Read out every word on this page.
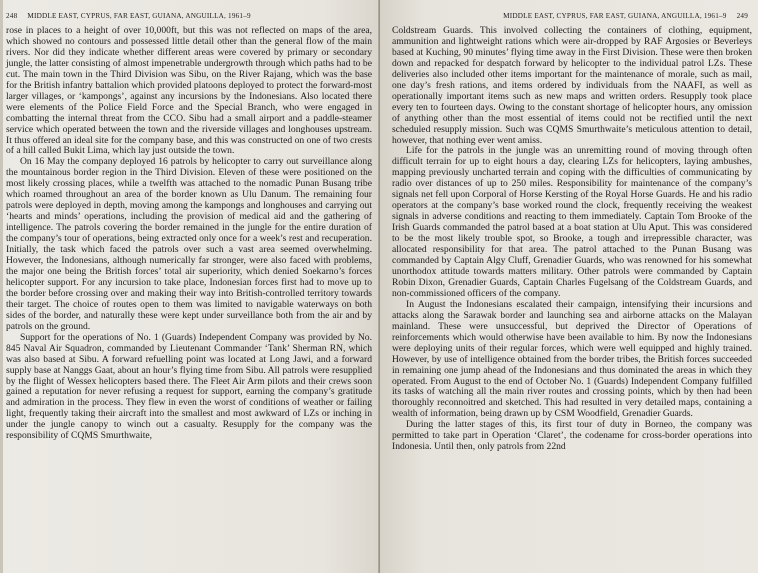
248 MIDDLE EAST, CYPRUS, FAR EAST, GUIANA, ANGUILLA, 1961–9

rose in places to a height of over 10,000ft, but this was not reflected on maps of the area, which showed no contours and possessed little detail other than the general flow of the main rivers. Nor did they indicate whether different areas were covered by primary or secondary jungle, the latter consisting of almost impenetrable undergrowth through which paths had to be cut. The main town in the Third Division was Sibu, on the River Rajang, which was the base for the British infantry battalion which provided platoons deployed to protect the forward-most larger villages, or ‘kampongs’, against any incursions by the Indonesians. Also located there were elements of the Police Field Force and the Special Branch, who were engaged in combatting the internal threat from the CCO. Sibu had a small airport and a paddle-steamer service which operated between the town and the riverside villages and longhouses upstream. It thus offered an ideal site for the company base, and this was constructed on one of two crests of a hill called Bukit Lima, which lay just outside the town.

On 16 May the company deployed 16 patrols by helicopter to carry out surveillance along the mountainous border region in the Third Division. Eleven of these were positioned on the most likely crossing places, while a twelfth was attached to the nomadic Punan Busang tribe which roamed throughout an area of the border known as Ulu Danum. The remaining four patrols were deployed in depth, moving among the kampongs and longhouses and carrying out ‘hearts and minds’ operations, including the provision of medical aid and the gathering of intelligence. The patrols covering the border remained in the jungle for the entire duration of the company’s tour of operations, being extracted only once for a week’s rest and recuperation. Initially, the task which faced the patrols over such a vast area seemed overwhelming. However, the Indonesians, although numerically far stronger, were also faced with problems, the major one being the British forces’ total air superiority, which denied Soekarno’s forces helicopter support. For any incursion to take place, Indonesian forces first had to move up to the border before crossing over and making their way into British-controlled territory towards their target. The choice of routes open to them was limited to navigable waterways on both sides of the border, and naturally these were kept under surveillance both from the air and by patrols on the ground.

Support for the operations of No. 1 (Guards) Independent Company was provided by No. 845 Naval Air Squadron, commanded by Lieutenant Commander ‘Tank’ Sherman RN, which was also based at Sibu. A forward refuelling point was located at Long Jawi, and a forward supply base at Nanggs Gaat, about an hour’s flying time from Sibu. All patrols were resupplied by the flight of Wessex helicopters based there. The Fleet Air Arm pilots and their crews soon gained a reputation for never refusing a request for support, earning the company’s gratitude and admiration in the process. They flew in even the worst of conditions of weather or failing light, frequently taking their aircraft into the smallest and most awkward of LZs or inching in under the jungle canopy to winch out a casualty. Resupply for the company was the responsibility of CQMS Smurthwaite,

MIDDLE EAST, CYPRUS, FAR EAST, GUIANA, ANGUILLA, 1961–9 249

Coldstream Guards. This involved collecting the containers of clothing, equipment, ammunition and lightweight rations which were air-dropped by RAF Argosies or Beverleys based at Kuching, 90 minutes’ flying time away in the First Division. These were then broken down and repacked for despatch forward by helicopter to the individual patrol LZs. These deliveries also included other items important for the maintenance of morale, such as mail, one day’s fresh rations, and items ordered by individuals from the NAAFI, as well as operationally important items such as new maps and written orders. Resupply took place every ten to fourteen days. Owing to the constant shortage of helicopter hours, any omission of anything other than the most essential of items could not be rectified until the next scheduled resupply mission. Such was CQMS Smurthwaite’s meticulous attention to detail, however, that nothing ever went amiss.

Life for the patrols in the jungle was an unremitting round of moving through often difficult terrain for up to eight hours a day, clearing LZs for helicopters, laying ambushes, mapping previously uncharted terrain and coping with the difficulties of communicating by radio over distances of up to 250 miles. Responsibility for maintenance of the company’s signals net fell upon Corporal of Horse Kersting of the Royal Horse Guards. He and his radio operators at the company’s base worked round the clock, frequently receiving the weakest signals in adverse conditions and reacting to them immediately. Captain Tom Brooke of the Irish Guards commanded the patrol based at a boat station at Ulu Aput. This was considered to be the most likely trouble spot, so Brooke, a tough and irrepressible character, was allocated responsibility for that area. The patrol attached to the Punan Busang was commanded by Captain Algy Cluff, Grenadier Guards, who was renowned for his somewhat unorthodox attitude towards matters military. Other patrols were commanded by Captain Robin Dixon, Grenadier Guards, Captain Charles Fugelsang of the Coldstream Guards, and non-commissioned officers of the company.

In August the Indonesians escalated their campaign, intensifying their incursions and attacks along the Sarawak border and launching sea and airborne attacks on the Malayan mainland. These were unsuccessful, but deprived the Director of Operations of reinforcements which would otherwise have been available to him. By now the Indonesians were deploying units of their regular forces, which were well equipped and highly trained. However, by use of intelligence obtained from the border tribes, the British forces succeeded in remaining one jump ahead of the Indonesians and thus dominated the areas in which they operated. From August to the end of October No. 1 (Guards) Independent Company fulfilled its tasks of watching all the main river routes and crossing points, which by then had been thoroughly reconnoitred and sketched. This had resulted in very detailed maps, containing a wealth of information, being drawn up by CSM Woodfield, Grenadier Guards.

During the latter stages of this, its first tour of duty in Borneo, the company was permitted to take part in Operation ‘Claret’, the codename for cross-border operations into Indonesia. Until then, only patrols from 22nd
